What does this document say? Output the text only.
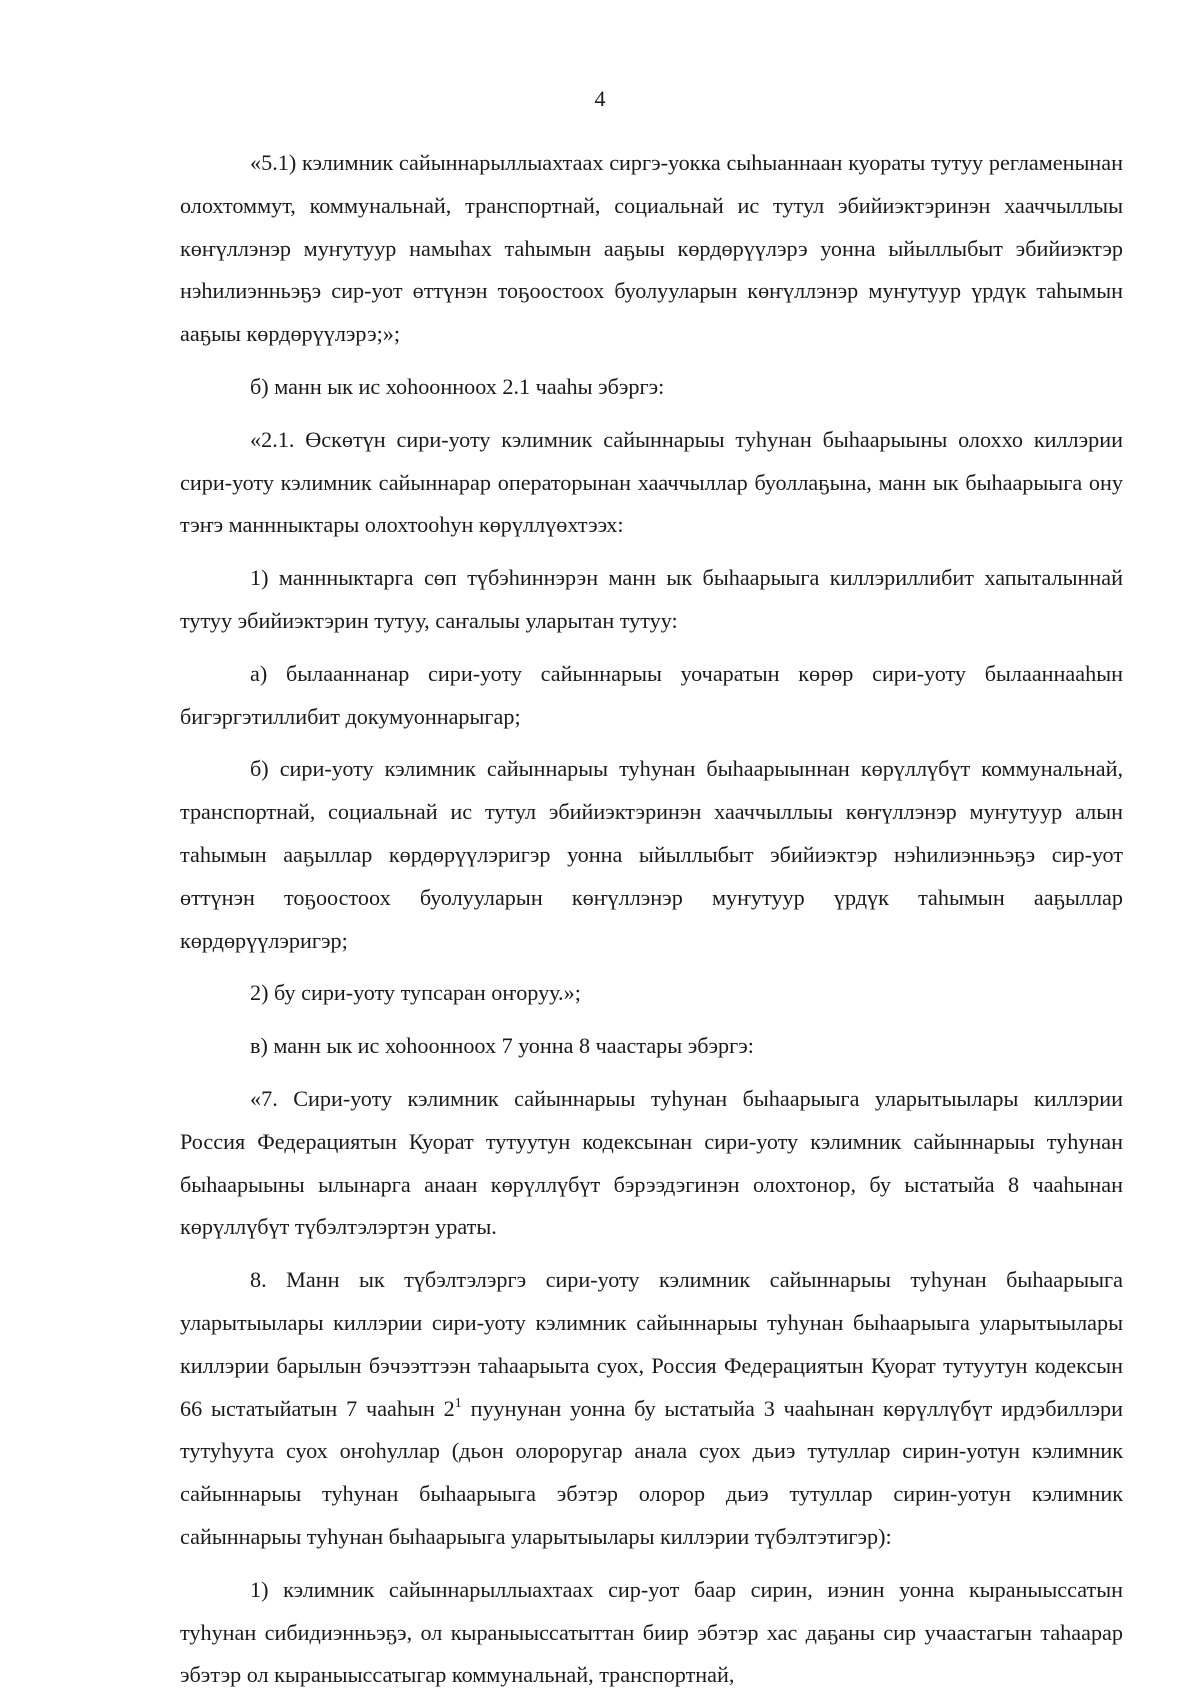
4

«5.1) кэлимник сайыннарыллыахтаах сиргэ-уокка сыһыаннаан куораты тутуу регламенынан олохтоммут, коммунальнай, транспортнай, социальнай ис тутул эбийиэктэринэн хааччыллыы көҥүллэнэр муҥутуур намыһах таһымын ааҕыы көрдөрүүлэрэ уонна ыйыллыбыт эбийиэктэр нэһилиэнньэҕэ сир-уот өттүнэн тоҕоостоох буолууларын көҥүллэнэр муҥутуур үрдүк таһымын ааҕыы көрдөрүүлэрэ;»;

б) манн ык ис хоһоонноох 2.1 чааһы эбэргэ:

«2.1. Өскөтүн сири-уоту кэлимник сайыннарыы туһунан быһаарыыны олоххо киллэрии сири-уоту кэлимник сайыннарар операторынан хааччыллар буоллаҕына, манн ык быһаарыыга ону тэҥэ маннныктары олохтооһун көрүллүөхтээх:

1) маннныктарга сөп түбэһиннэрэн манн ык быһаарыыга киллэриллибит хапыталыннай тутуу эбийиэктэрин тутуу, саҥалыы уларытан тутуу:

а) былааннанар сири-уоту сайыннарыы уочаратын көрөр сири-уоту былааннааһын бигэргэтиллибит докумуоннарыгар;

б) сири-уоту кэлимник сайыннарыы туһунан быһаарыыннан көрүллүбүт коммунальнай, транспортнай, социальнай ис тутул эбийиэктэринэн хааччыллыы көҥүллэнэр муҥутуур алын таһымын ааҕыллар көрдөрүүлэригэр уонна ыйыллыбыт эбийиэктэр нэһилиэнньэҕэ сир-уот өттүнэн тоҕоостоох буолууларын көҥүллэнэр муҥутуур үрдүк таһымын ааҕыллар көрдөрүүлэригэр;

2) бу сири-уоту тупсаран оҥоруу.»;

в) манн ык ис хоһоонноох 7 уонна 8 чаастары эбэргэ:

«7. Сири-уоту кэлимник сайыннарыы туһунан быһаарыыга уларытыылары киллэрии Россия Федерациятын Куорат тутуутун кодексынан сири-уоту кэлимник сайыннарыы туһунан быһаарыыны ылынарга анаан көрүллүбүт бэрээдэгинэн олохтонор, бу ыстатыйа 8 чааһынан көрүллүбүт түбэлтэлэртэн ураты.

8. Манн ык түбэлтэлэргэ сири-уоту кэлимник сайыннарыы туһунан быһаарыыга уларытыылары киллэрии сири-уоту кэлимник сайыннарыы туһунан быһаарыыга уларытыылары киллэрии барылын бэчээттээн таһаарыыта суох, Россия Федерациятын Куорат тутуутун кодексын 66 ыстатыйатын 7 чааһын $2^1$ пуунунан уонна бу ыстатыйа 3 чааһынан көрүллүбүт ирдэбиллэри тутуһуута суох оҥоһуллар (дьон олороругар анала суох дьиэ тутуллар сирин-уотун кэлимник сайыннарыы туһунан быһаарыыга эбэтэр олорор дьиэ тутуллар сирин-уотун кэлимник сайыннарыы туһунан быһаарыыга уларытыылары киллэрии түбэлтэтигэр):

1) кэлимник сайыннарыллыахтаах сир-уот баар сирин, иэнин уонна кыраныыссатын туһунан сибидиэнньэҕэ, ол кыраныыссатыттан биир эбэтэр хас даҕаны сир учаастагын таһаарар эбэтэр ол кыраныыссатыгар коммунальнай, транспортнай,
